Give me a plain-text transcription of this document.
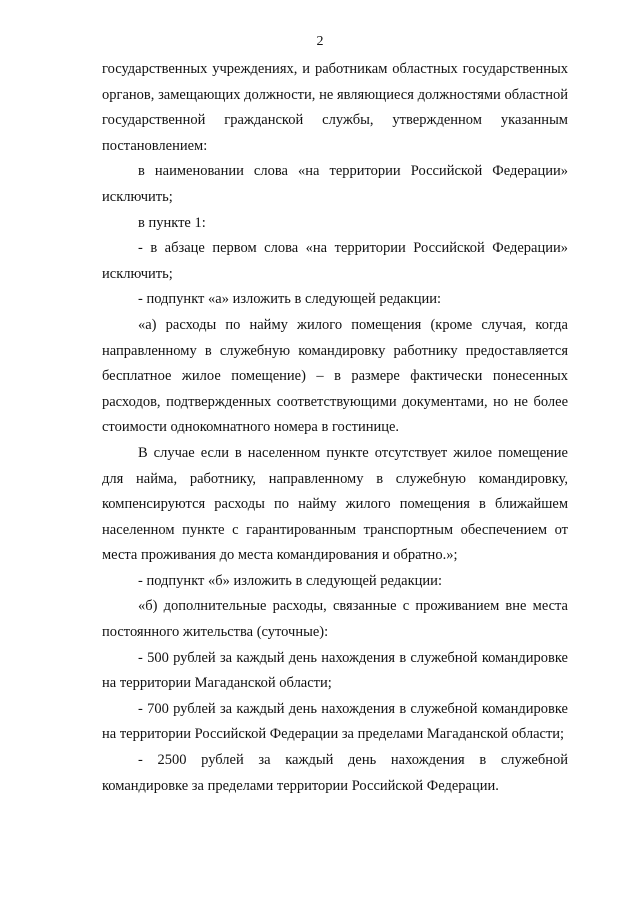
2

государственных учреждениях, и работникам областных государственных органов, замещающих должности, не являющиеся должностями областной государственной гражданской службы, утвержденном указанным постановлением:

в наименовании слова «на территории Российской Федерации» исключить;

в пункте 1:

- в абзаце первом слова «на территории Российской Федерации» исключить;

- подпункт «а» изложить в следующей редакции:

«а) расходы по найму жилого помещения (кроме случая, когда направленному в служебную командировку работнику предоставляется бесплатное жилое помещение) – в размере фактически понесенных расходов, подтвержденных соответствующими документами, но не более стоимости однокомнатного номера в гостинице.

В случае если в населенном пункте отсутствует жилое помещение для найма, работнику, направленному в служебную командировку, компенсируются расходы по найму жилого помещения в ближайшем населенном пункте с гарантированным транспортным обеспечением от места проживания до места командирования и обратно.»;

- подпункт «б» изложить в следующей редакции:

«б) дополнительные расходы, связанные с проживанием вне места постоянного жительства (суточные):

- 500 рублей за каждый день нахождения в служебной командировке на территории Магаданской области;

- 700 рублей за каждый день нахождения в служебной командировке на территории Российской Федерации за пределами Магаданской области;

- 2500 рублей за каждый день нахождения в служебной командировке за пределами территории Российской Федерации.
